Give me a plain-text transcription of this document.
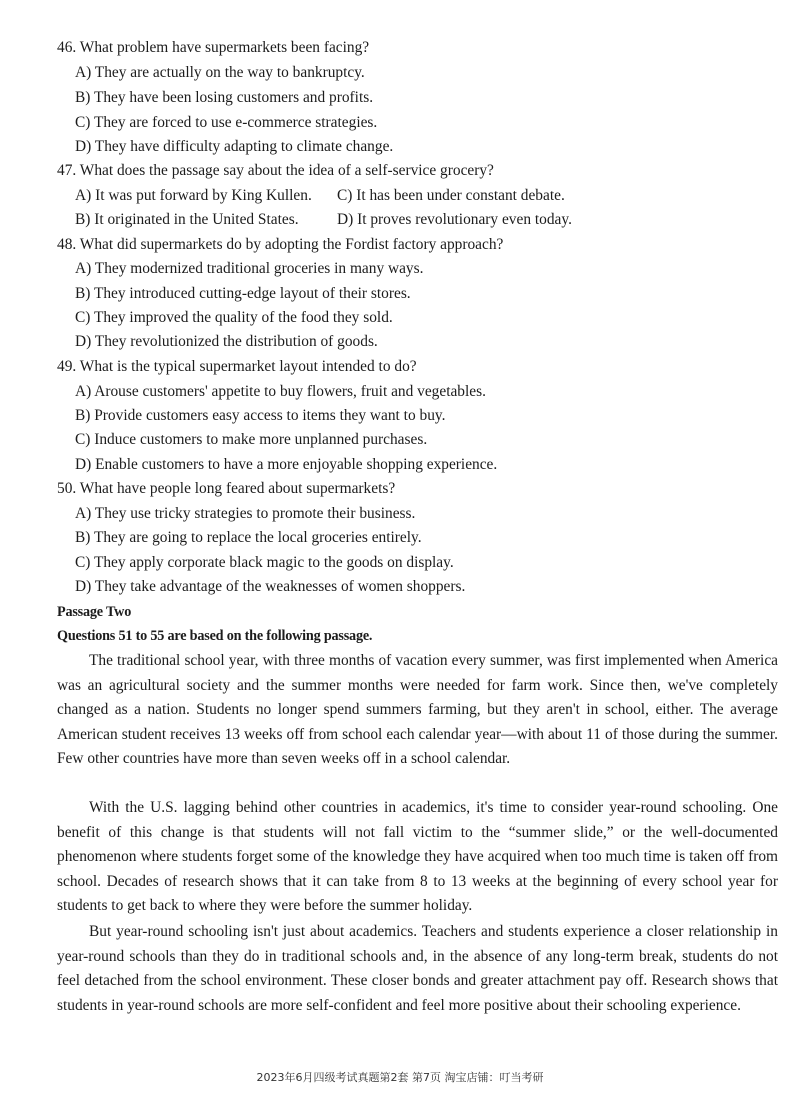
46. What problem have supermarkets been facing?
A) They are actually on the way to bankruptcy.
B) They have been losing customers and profits.
C) They are forced to use e-commerce strategies.
D) They have difficulty adapting to climate change.
47. What does the passage say about the idea of a self-service grocery?
A) It was put forward by King Kullen. C) It has been under constant debate.
B) It originated in the United States. D) It proves revolutionary even today.
48. What did supermarkets do by adopting the Fordist factory approach?
A) They modernized traditional groceries in many ways.
B) They introduced cutting-edge layout of their stores.
C) They improved the quality of the food they sold.
D) They revolutionized the distribution of goods.
49. What is the typical supermarket layout intended to do?
A) Arouse customers' appetite to buy flowers, fruit and vegetables.
B) Provide customers easy access to items they want to buy.
C) Induce customers to make more unplanned purchases.
D) Enable customers to have a more enjoyable shopping experience.
50. What have people long feared about supermarkets?
A) They use tricky strategies to promote their business.
B) They are going to replace the local groceries entirely.
C) They apply corporate black magic to the goods on display.
D) They take advantage of the weaknesses of women shoppers.
Passage Two
Questions 51 to 55 are based on the following passage.

The traditional school year, with three months of vacation every summer, was first implemented when America was an agricultural society and the summer months were needed for farm work. Since then, we've completely changed as a nation. Students no longer spend summers farming, but they aren't in school, either. The average American student receives 13 weeks off from school each calendar year—with about 11 of those during the summer. Few other countries have more than seven weeks off in a school calendar.

With the U.S. lagging behind other countries in academics, it's time to consider year-round schooling. One benefit of this change is that students will not fall victim to the “summer slide,” or the well-documented phenomenon where students forget some of the knowledge they have acquired when too much time is taken off from school. Decades of research shows that it can take from 8 to 13 weeks at the beginning of every school year for students to get back to where they were before the summer holiday.

But year-round schooling isn't just about academics. Teachers and students experience a closer relationship in year-round schools than they do in traditional schools and, in the absence of any long-term break, students do not feel detached from the school environment. These closer bonds and greater attachment pay off. Research shows that students in year-round schools are more self-confident and feel more positive about their schooling experience.

2023年6月四级考试真题第2套 第7页 淘宝店铺：叮当考研
